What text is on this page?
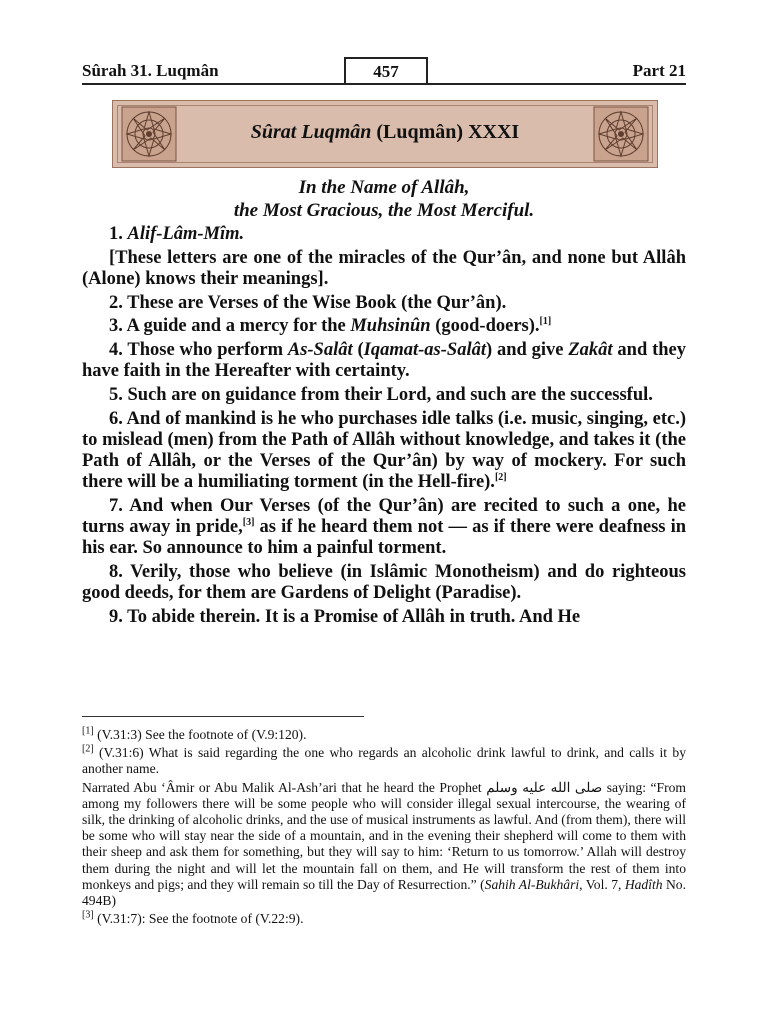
Sûrah 31. Luqmân	457	Part 21
Sûrat Luqmân (Luqmân) XXXI
In the Name of Allâh,
the Most Gracious, the Most Merciful.

1. Alif-Lâm-Mîm.

[These letters are one of the miracles of the Qur’ân, and none but Allâh (Alone) knows their meanings].

2. These are Verses of the Wise Book (the Qur’ân).

3. A guide and a mercy for the Muhsinûn (good-doers).[1]

4. Those who perform As-Salât (Iqamat-as-Salât) and give Zakât and they have faith in the Hereafter with certainty.

5. Such are on guidance from their Lord, and such are the successful.

6. And of mankind is he who purchases idle talks (i.e. music, singing, etc.) to mislead (men) from the Path of Allâh without knowledge, and takes it (the Path of Allâh, or the Verses of the Qur’ân) by way of mockery. For such there will be a humiliating torment (in the Hell-fire).[2]

7. And when Our Verses (of the Qur’ân) are recited to such a one, he turns away in pride,[3] as if he heard them not — as if there were deafness in his ear. So announce to him a painful torment.

8. Verily, those who believe (in Islâmic Monotheism) and do righteous good deeds, for them are Gardens of Delight (Paradise).

9. To abide therein. It is a Promise of Allâh in truth. And He

[1] (V.31:3) See the footnote of (V.9:120).

[2] (V.31:6) What is said regarding the one who regards an alcoholic drink lawful to drink, and calls it by another name.

Narrated Abu ‘Âmir or Abu Malik Al-Ash’ari that he heard the Prophet صلى الله عليه وسلم saying: “From among my followers there will be some people who will consider illegal sexual intercourse, the wearing of silk, the drinking of alcoholic drinks, and the use of musical instruments as lawful. And (from them), there will be some who will stay near the side of a mountain, and in the evening their shepherd will come to them with their sheep and ask them for something, but they will say to him: ‘Return to us tomorrow.’ Allah will destroy them during the night and will let the mountain fall on them, and He will transform the rest of them into monkeys and pigs; and they will remain so till the Day of Resurrection.” (Sahih Al-Bukhâri, Vol. 7, Hadîth No. 494B)

[3] (V.31:7): See the footnote of (V.22:9).
